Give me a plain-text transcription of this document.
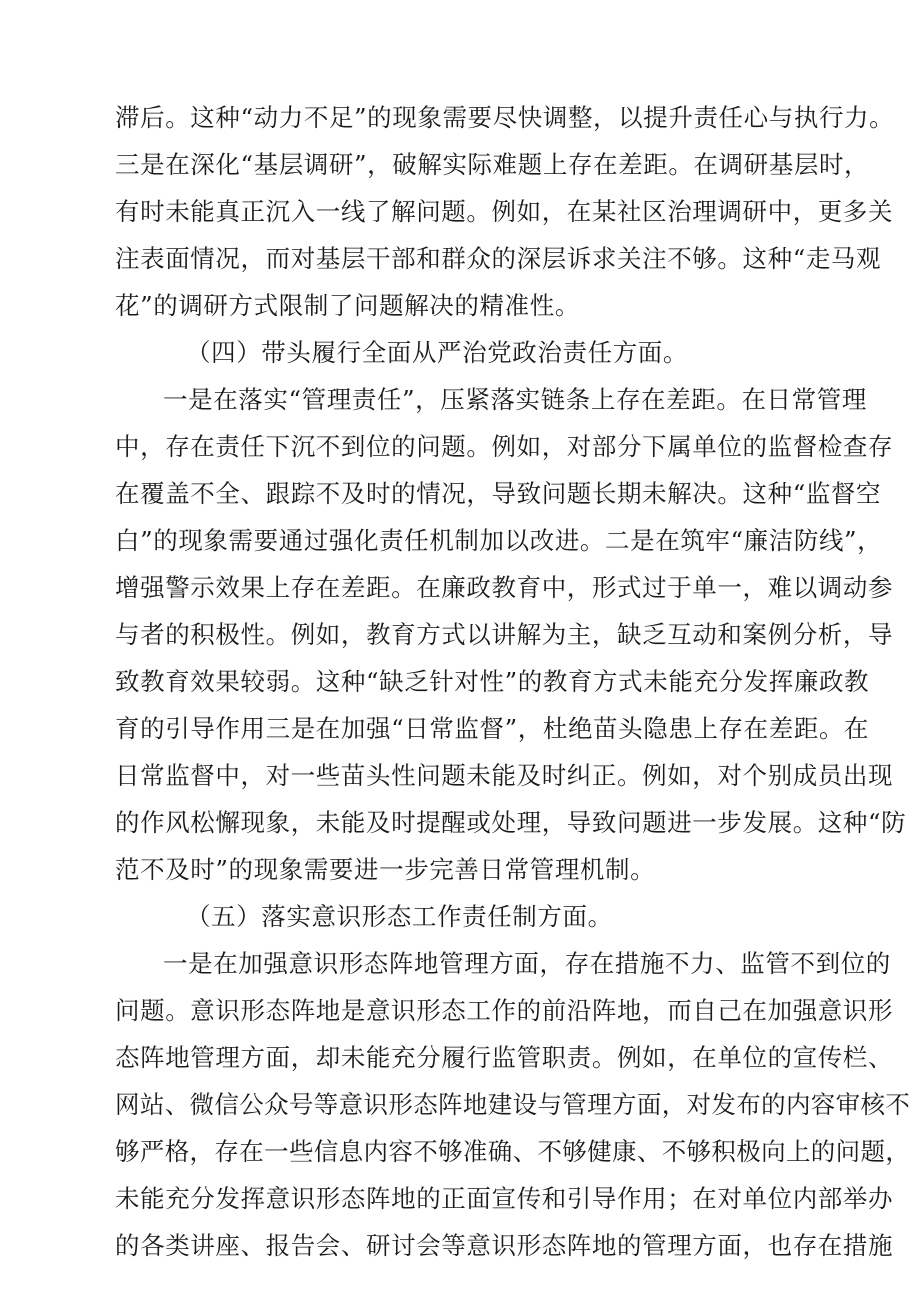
滞后。这种“动力不足”的现象需要尽快调整，以提升责任心与执行力。
三是在深化“基层调研”，破解实际难题上存在差距。在调研基层时，
有时未能真正沉入一线了解问题。例如，在某社区治理调研中，更多关
注表面情况，而对基层干部和群众的深层诉求关注不够。这种“走马观
花”的调研方式限制了问题解决的精准性。
（四）带头履行全面从严治党政治责任方面。
一是在落实“管理责任”，压紧落实链条上存在差距。在日常管理
中，存在责任下沉不到位的问题。例如，对部分下属单位的监督检查存
在覆盖不全、跟踪不及时的情况，导致问题长期未解决。这种“监督空
白”的现象需要通过强化责任机制加以改进。二是在筑牢“廉洁防线”，
增强警示效果上存在差距。在廉政教育中，形式过于单一，难以调动参
与者的积极性。例如，教育方式以讲解为主，缺乏互动和案例分析，导
致教育效果较弱。这种“缺乏针对性”的教育方式未能充分发挥廉政教
育的引导作用三是在加强“日常监督”，杜绝苗头隐患上存在差距。在
日常监督中，对一些苗头性问题未能及时纠正。例如，对个别成员出现
的作风松懈现象，未能及时提醒或处理，导致问题进一步发展。这种“防
范不及时”的现象需要进一步完善日常管理机制。
（五）落实意识形态工作责任制方面。
一是在加强意识形态阵地管理方面，存在措施不力、监管不到位的
问题。意识形态阵地是意识形态工作的前沿阵地，而自己在加强意识形
态阵地管理方面，却未能充分履行监管职责。例如，在单位的宣传栏、
网站、微信公众号等意识形态阵地建设与管理方面，对发布的内容审核不
够严格，存在一些信息内容不够准确、不够健康、不够积极向上的问题，
未能充分发挥意识形态阵地的正面宣传和引导作用；在对单位内部举办
的各类讲座、报告会、研讨会等意识形态阵地的管理方面，也存在措施
